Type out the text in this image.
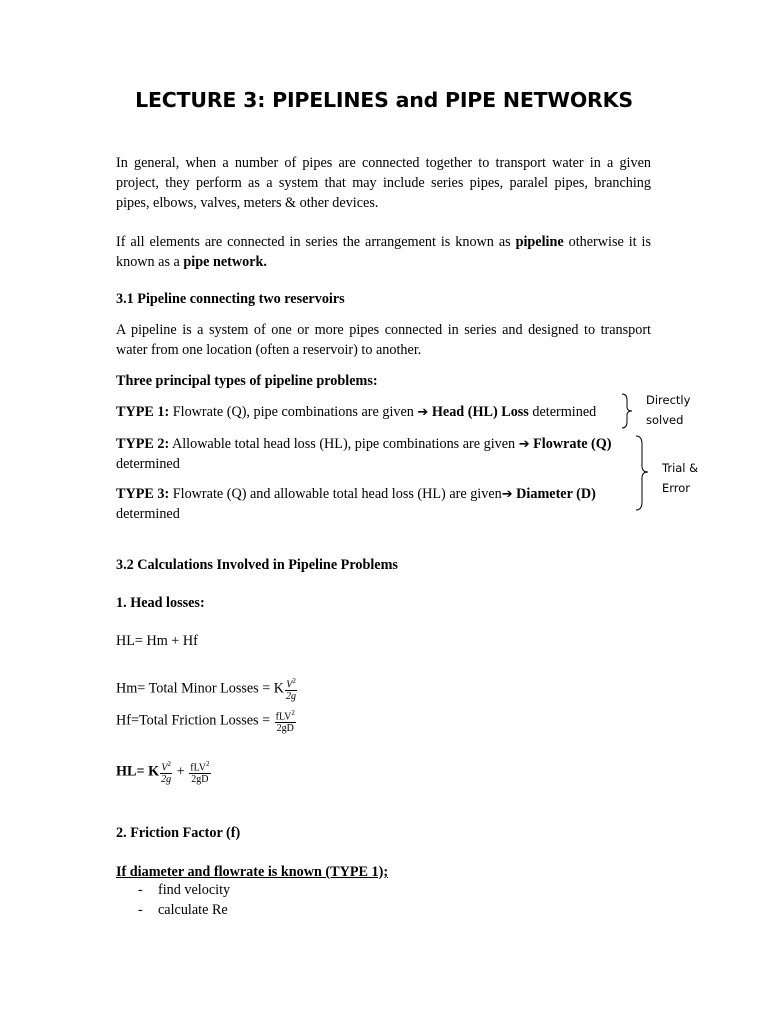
LECTURE 3: PIPELINES and PIPE NETWORKS
In general, when a number of pipes are connected together to transport water in a given project, they perform as a system that may include series pipes, paralel pipes, branching pipes, elbows, valves, meters & other devices.
If all elements are connected in series the arrangement is known as pipeline otherwise it is known as a pipe network.
3.1 Pipeline connecting two reservoirs
A pipeline is a system of one or more pipes connected in series and designed to transport water from one location (often a reservoir) to another.
Three principal types of pipeline problems:
TYPE 1: Flowrate (Q), pipe combinations are given ➔ Head (HL) Loss determined
TYPE 2: Allowable total head loss (HL), pipe combinations are given ➔ Flowrate (Q)
determined
TYPE 3: Flowrate (Q) and allowable total head loss (HL) are given➔ Diameter (D)
determined
Directly
solved
Trial &
Error
3.2 Calculations Involved in Pipeline Problems
1. Head losses:
HL= Hm + Hf
Hm= Total Minor Losses = K $\frac{V^2}{2g}$
Hf=Total Friction Losses = $\frac{fLV^2}{2gD}$
HL= K $\frac{V^2}{2g} + \frac{fLV^2}{2gD}$
2. Friction Factor (f)
If diameter and flowrate is known (TYPE 1);
- find velocity
- calculate Re
